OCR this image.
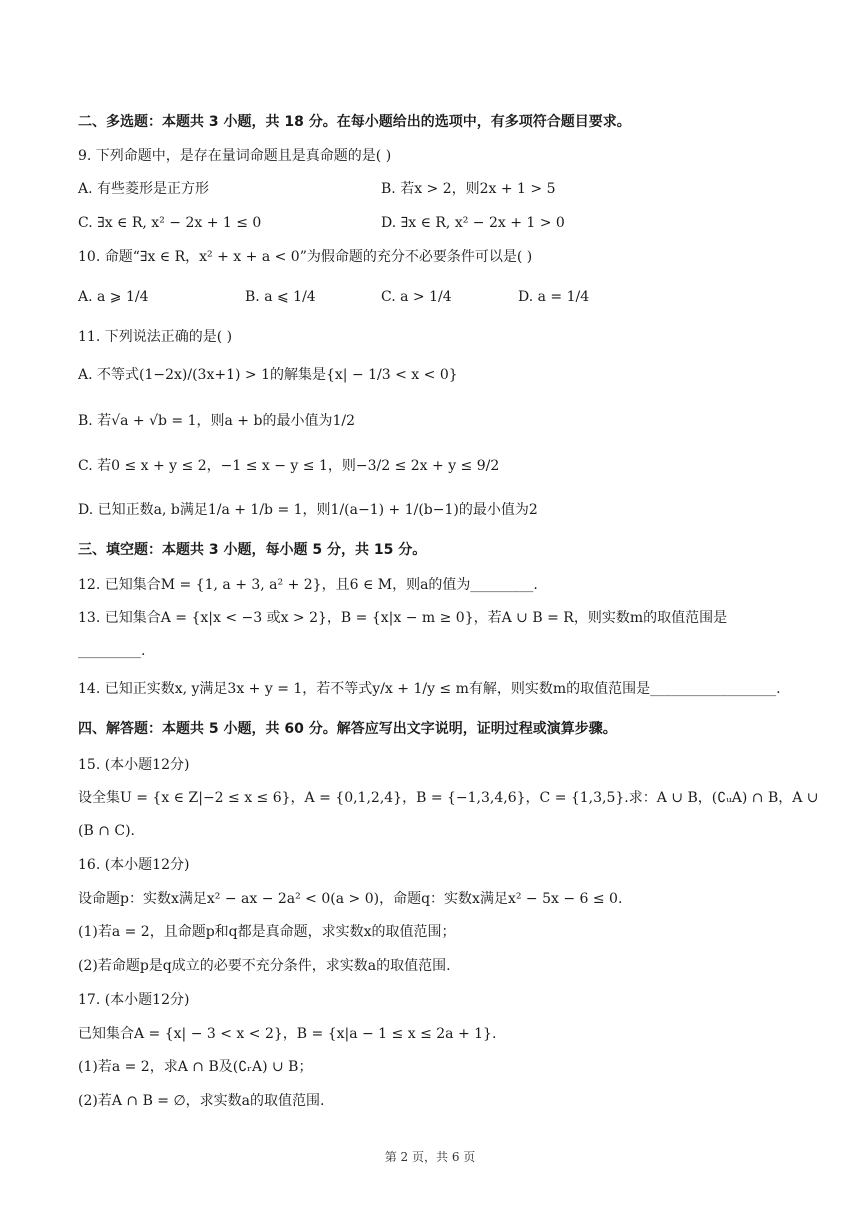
二、多选题：本题共 3 小题，共 18 分。在每小题给出的选项中，有多项符合题目要求。
9. 下列命题中，是存在量词命题且是真命题的是( )
A. 有些菱形是正方形	B. 若x > 2，则2x + 1 > 5
C. ∃x ∈ R, x² − 2x + 1 ≤ 0	D. ∃x ∈ R, x² − 2x + 1 > 0
10. 命题“∃x ∈ R，x² + x + a < 0”为假命题的充分不必要条件可以是( )
A. a ⩾ 1/4	B. a ⩽ 1/4	C. a > 1/4	D. a = 1/4
11. 下列说法正确的是( )
A. 不等式(1−2x)/(3x+1) > 1的解集是{x| − 1/3 < x < 0}
B. 若√a + √b = 1，则a + b的最小值为1/2
C. 若0 ≤ x + y ≤ 2，−1 ≤ x − y ≤ 1，则−3/2 ≤ 2x + y ≤ 9/2
D. 已知正数a, b满足1/a + 1/b = 1，则1/(a−1) + 1/(b−1)的最小值为2
三、填空题：本题共 3 小题，每小题 5 分，共 15 分。
12. 已知集合M = {1, a + 3, a² + 2}，且6 ∈ M，则a的值为_________.
13. 已知集合A = {x|x < −3 或x > 2}，B = {x|x − m ≥ 0}，若A ∪ B = R，则实数m的取值范围是
_________.
14. 已知正实数x, y满足3x + y = 1，若不等式y/x + 1/y ≤ m有解，则实数m的取值范围是__________________.
四、解答题：本题共 5 小题，共 60 分。解答应写出文字说明，证明过程或演算步骤。
15. (本小题12分)
设全集U = {x ∈ Z|−2 ≤ x ≤ 6}，A = {0,1,2,4}，B = {−1,3,4,6}，C = {1,3,5}.求：A ∪ B，(∁ᵤA) ∩ B，A ∪
(B ∩ C).
16. (本小题12分)
设命题p：实数x满足x² − ax − 2a² < 0(a > 0)，命题q：实数x满足x² − 5x − 6 ≤ 0.
(1)若a = 2，且命题p和q都是真命题，求实数x的取值范围；
(2)若命题p是q成立的必要不充分条件，求实数a的取值范围.
17. (本小题12分)
已知集合A = {x| − 3 < x < 2}，B = {x|a − 1 ≤ x ≤ 2a + 1}.
(1)若a = 2，求A ∩ B及(∁ᵣA) ∪ B；
(2)若A ∩ B = ∅，求实数a的取值范围.
第 2 页，共 6 页
